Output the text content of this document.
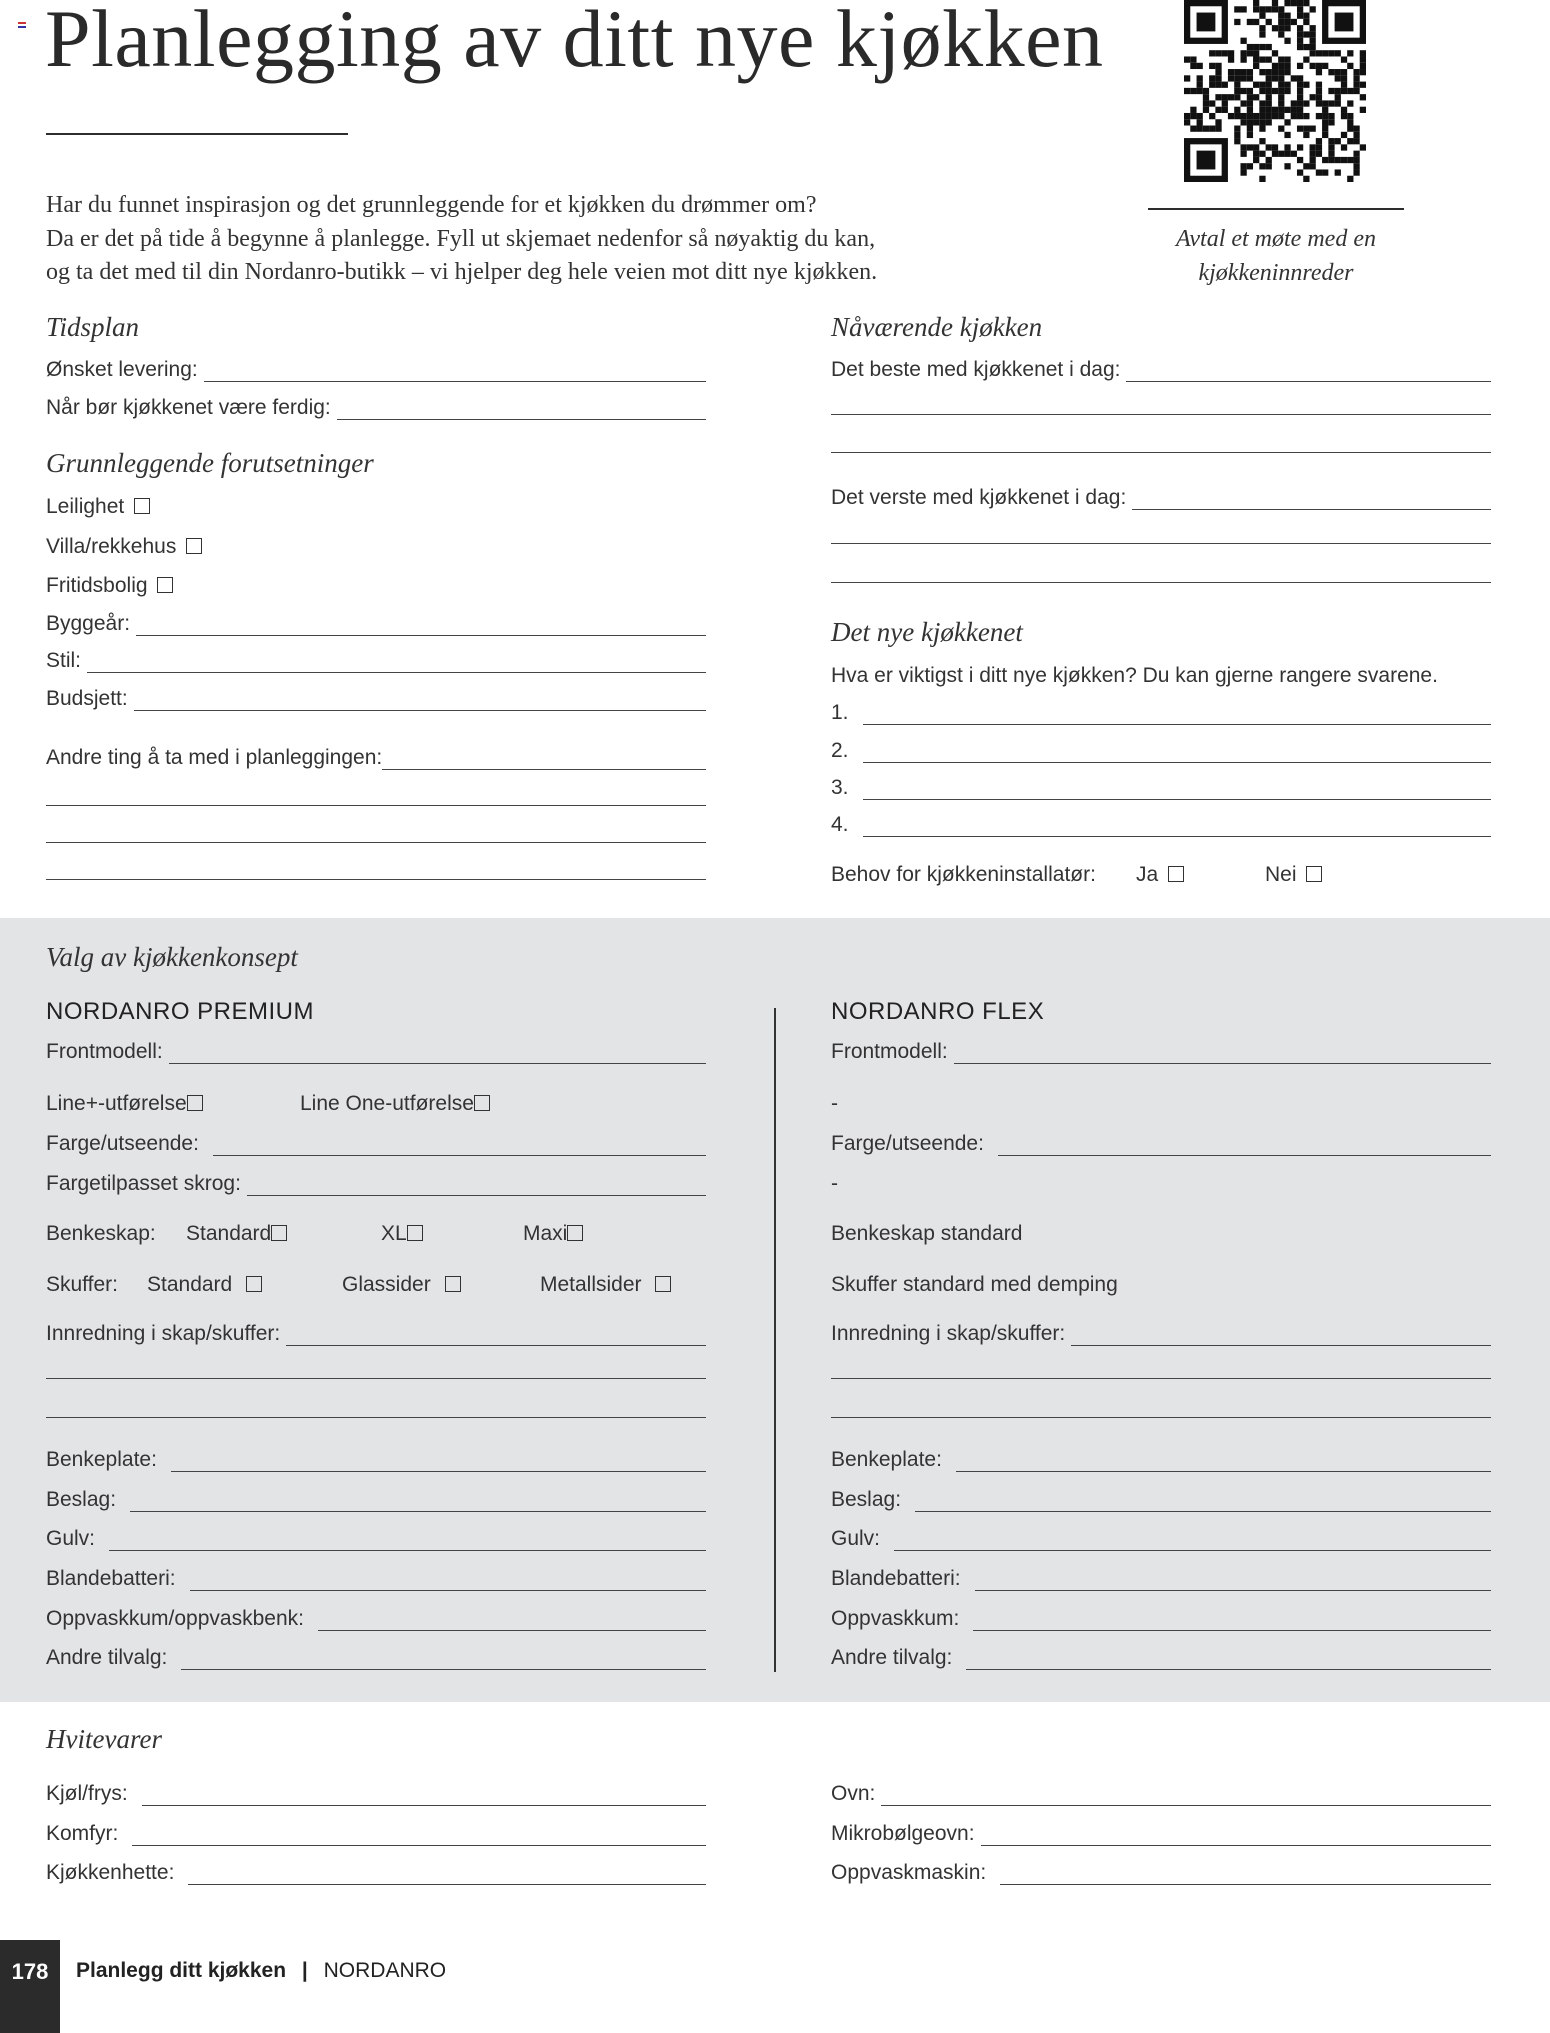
Planlegging av ditt nye kjøkken
Har du funnet inspirasjon og det grunnleggende for et kjøkken du drømmer om?
Da er det på tide å begynne å planlegge. Fyll ut skjemaet nedenfor så nøyaktig du kan,
og ta det med til din Nordanro-butikk – vi hjelper deg hele veien mot ditt nye kjøkken.
Avtal et møte med en
kjøkkeninnreder
Tidsplan
Ønsket levering:
Når bør kjøkkenet være ferdig:
Grunnleggende forutsetninger
Leilighet
Villa/rekkehus
Fritidsbolig
Byggeår:
Stil:
Budsjett:
Andre ting å ta med i planleggingen:
Nåværende kjøkken
Det beste med kjøkkenet i dag:
Det verste med kjøkkenet i dag:
Det nye kjøkkenet
Hva er viktigst i ditt nye kjøkken? Du kan gjerne rangere svarene.
1.
2.
3.
4.
Behov for kjøkkeninstallatør: Ja	Nei
Valg av kjøkkenkonsept
NORDANRO PREMIUM
Frontmodell:
Line+-utførelse	Line One-utførelse
Farge/utseende:
Fargetilpasset skrog:
Benkeskap: Standard	XL	Maxi
Skuffer: Standard	Glassider	Metallsider
Innredning i skap/skuffer:
Benkeplate:
Beslag:
Gulv:
Blandebatteri:
Oppvaskkum/oppvaskbenk:
Andre tilvalg:
NORDANRO FLEX
Frontmodell:
-
Farge/utseende:
-
Benkeskap standard
Skuffer standard med demping
Innredning i skap/skuffer:
Benkeplate:
Beslag:
Gulv:
Blandebatteri:
Oppvaskkum:
Andre tilvalg:
Hvitevarer
Kjøl/frys:
Komfyr:
Kjøkkenhette:
Ovn:
Mikrobølgeovn:
Oppvaskmaskin:
178	Planlegg ditt kjøkken | NORDANRO
